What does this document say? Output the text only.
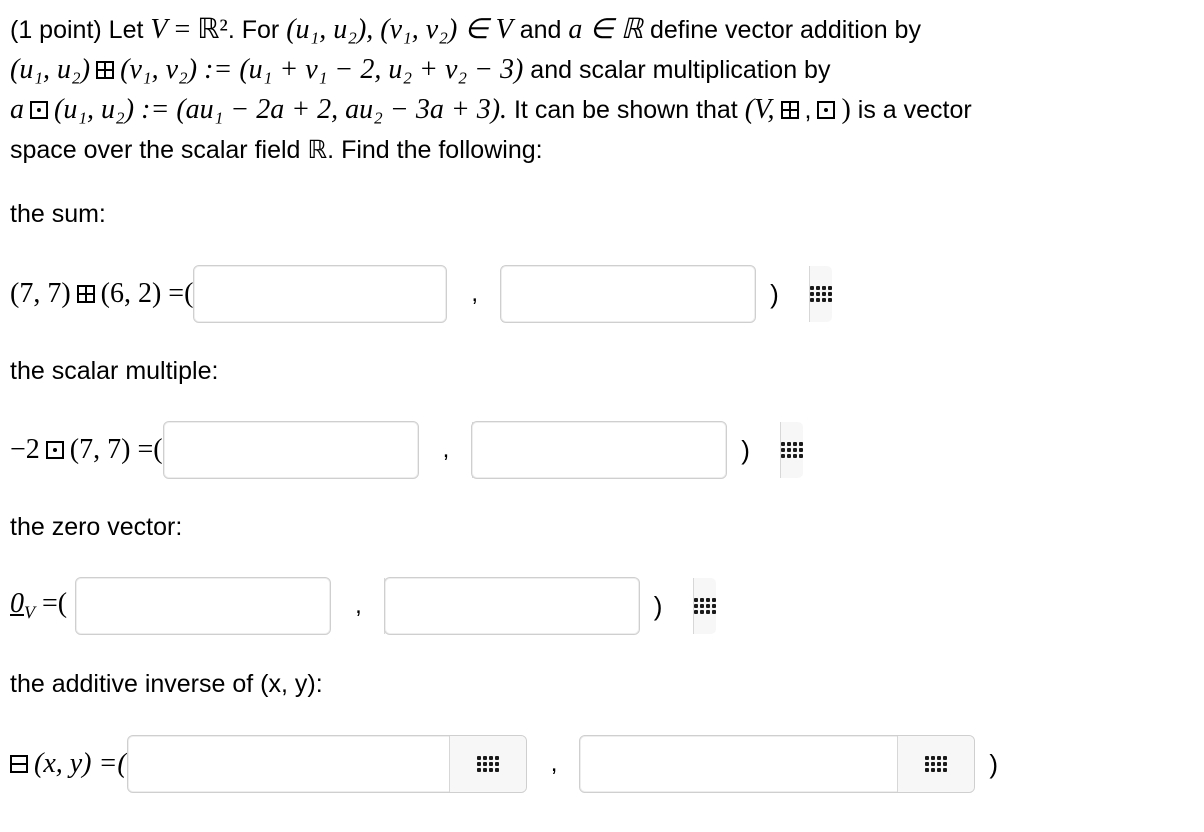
(1 point) Let V = ℝ². For (u₁, u₂), (v₁, v₂) ∈ V and a ∈ ℝ define vector addition by

(u₁, u₂) (v₁, v₂) := (u₁ + v₁ − 2, u₂ + v₂ − 3) and scalar multiplication by

a (u₁, u₂) := (au₁ − 2a + 2, au₂ − 3a + 3). It can be shown that (V, , ) is a vector

space over the scalar field ℝ. Find the following:

the sum:
(7, 7) (6, 2) =(	,	)
the scalar multiple:
−2 (7, 7) =(	,	)
the zero vector:
$0_V$ =(	,	)
the additive inverse of (x, y):
(x, y) =(	,	)
